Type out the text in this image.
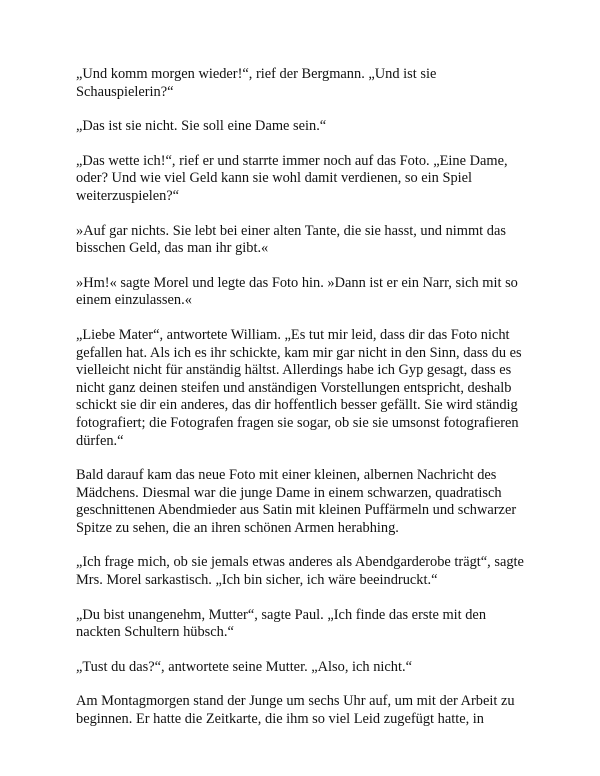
„Und komm morgen wieder!“, rief der Bergmann. „Und ist sie Schauspielerin?“

„Das ist sie nicht. Sie soll eine Dame sein.“

„Das wette ich!“, rief er und starrte immer noch auf das Foto. „Eine Dame, oder? Und wie viel Geld kann sie wohl damit verdienen, so ein Spiel weiterzuspielen?“

»Auf gar nichts. Sie lebt bei einer alten Tante, die sie hasst, und nimmt das bisschen Geld, das man ihr gibt.«

»Hm!« sagte Morel und legte das Foto hin. »Dann ist er ein Narr, sich mit so einem einzulassen.«

„Liebe Mater“, antwortete William. „Es tut mir leid, dass dir das Foto nicht gefallen hat. Als ich es ihr schickte, kam mir gar nicht in den Sinn, dass du es vielleicht nicht für anständig hältst. Allerdings habe ich Gyp gesagt, dass es nicht ganz deinen steifen und anständigen Vorstellungen entspricht, deshalb schickt sie dir ein anderes, das dir hoffentlich besser gefällt. Sie wird ständig fotografiert; die Fotografen fragen sie sogar, ob sie sie umsonst fotografieren dürfen.“

Bald darauf kam das neue Foto mit einer kleinen, albernen Nachricht des Mädchens. Diesmal war die junge Dame in einem schwarzen, quadratisch geschnittenen Abendmieder aus Satin mit kleinen Puffärmeln und schwarzer Spitze zu sehen, die an ihren schönen Armen herabhing.

„Ich frage mich, ob sie jemals etwas anderes als Abendgarderobe trägt“, sagte Mrs. Morel sarkastisch. „Ich bin sicher, ich wäre beeindruckt.“

„Du bist unangenehm, Mutter“, sagte Paul. „Ich finde das erste mit den nackten Schultern hübsch.“

„Tust du das?“, antwortete seine Mutter. „Also, ich nicht.“

Am Montagmorgen stand der Junge um sechs Uhr auf, um mit der Arbeit zu beginnen. Er hatte die Zeitkarte, die ihm so viel Leid zugefügt hatte, in
